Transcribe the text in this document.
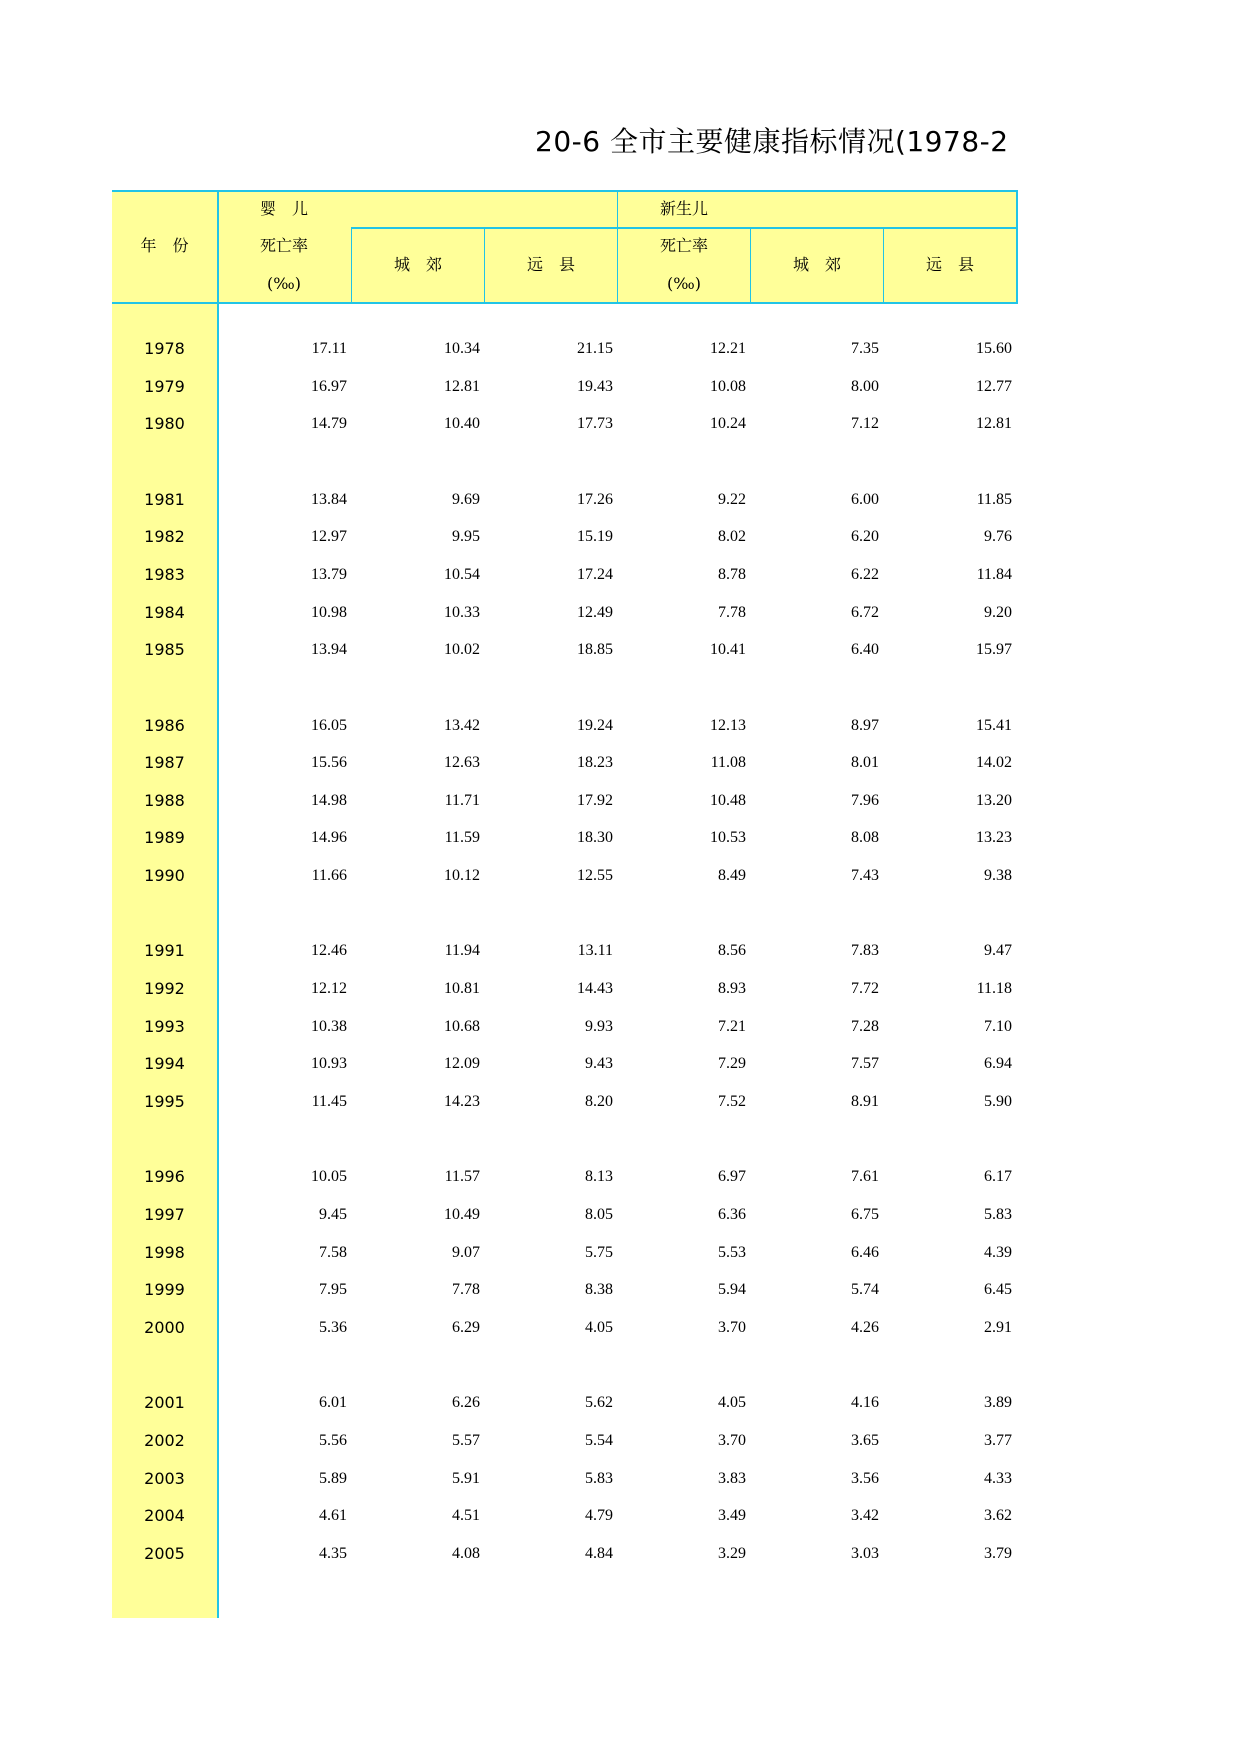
20-6 全市主要健康指标情况(1978-2
年　份
婴　儿
死亡率
(‰)
城　郊	远　县
新生儿
死亡率
(‰)
城　郊	远　县
1978	17.11	10.34	21.15	12.21	7.35	15.60
1979	16.97	12.81	19.43	10.08	8.00	12.77
1980	14.79	10.40	17.73	10.24	7.12	12.81
1981	13.84	9.69	17.26	9.22	6.00	11.85
1982	12.97	9.95	15.19	8.02	6.20	9.76
1983	13.79	10.54	17.24	8.78	6.22	11.84
1984	10.98	10.33	12.49	7.78	6.72	9.20
1985	13.94	10.02	18.85	10.41	6.40	15.97
1986	16.05	13.42	19.24	12.13	8.97	15.41
1987	15.56	12.63	18.23	11.08	8.01	14.02
1988	14.98	11.71	17.92	10.48	7.96	13.20
1989	14.96	11.59	18.30	10.53	8.08	13.23
1990	11.66	10.12	12.55	8.49	7.43	9.38
1991	12.46	11.94	13.11	8.56	7.83	9.47
1992	12.12	10.81	14.43	8.93	7.72	11.18
1993	10.38	10.68	9.93	7.21	7.28	7.10
1994	10.93	12.09	9.43	7.29	7.57	6.94
1995	11.45	14.23	8.20	7.52	8.91	5.90
1996	10.05	11.57	8.13	6.97	7.61	6.17
1997	9.45	10.49	8.05	6.36	6.75	5.83
1998	7.58	9.07	5.75	5.53	6.46	4.39
1999	7.95	7.78	8.38	5.94	5.74	6.45
2000	5.36	6.29	4.05	3.70	4.26	2.91
2001	6.01	6.26	5.62	4.05	4.16	3.89
2002	5.56	5.57	5.54	3.70	3.65	3.77
2003	5.89	5.91	5.83	3.83	3.56	4.33
2004	4.61	4.51	4.79	3.49	3.42	3.62
2005	4.35	4.08	4.84	3.29	3.03	3.79
